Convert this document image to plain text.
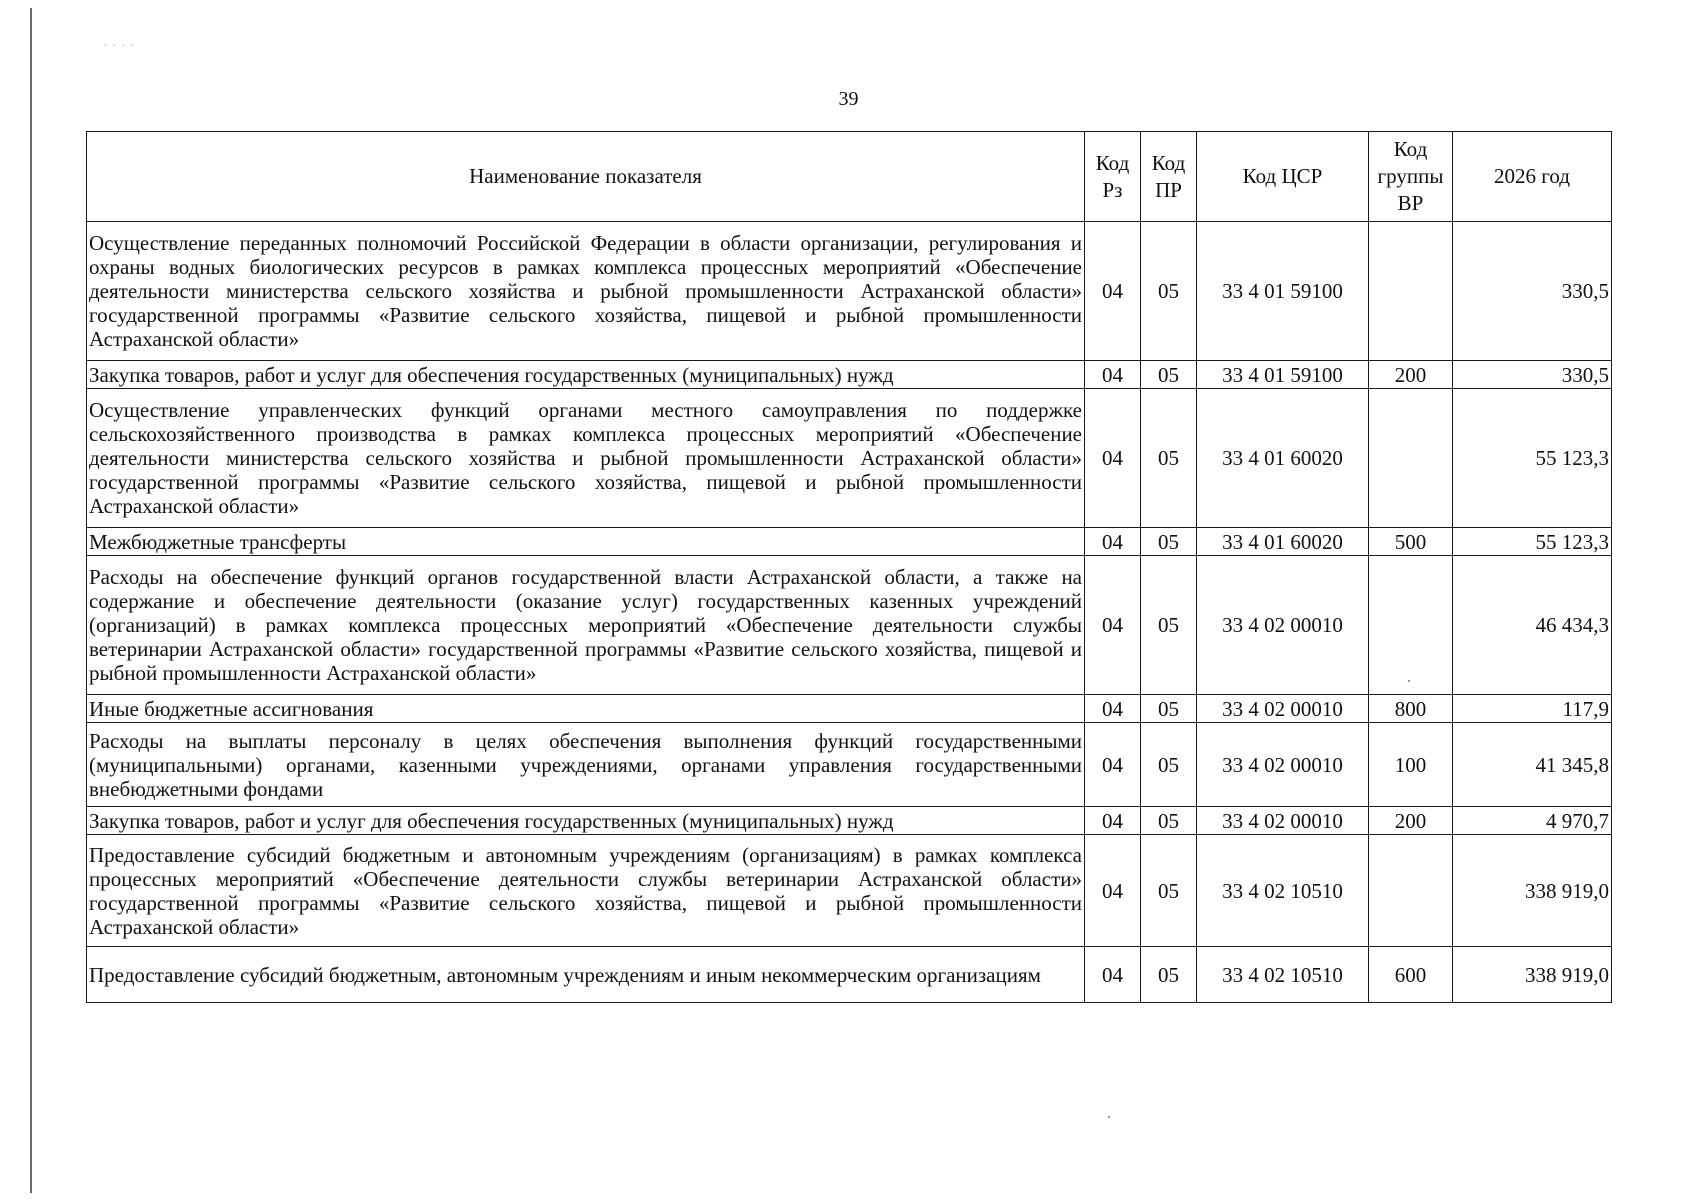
. . . .
39
Наименование показателя	Код Рз	Код ПР	Код ЦСР	Код группы ВР	2026 год
Осуществление переданных полномочий Российской Федерации в области организации, регулирования и охраны водных биологических ресурсов в рамках комплекса процессных мероприятий «Обеспечение деятельности министерства сельского хозяйства и рыбной промышленности Астраханской области» государственной программы «Развитие сельского хозяйства, пищевой и рыбной промышленности Астраханской области»	04	05	33 4 01 59100		330,5
Закупка товаров, работ и услуг для обеспечения государственных (муниципальных) нужд	04	05	33 4 01 59100	200	330,5
Осуществление управленческих функций органами местного самоуправления по поддержке сельскохозяйственного производства в рамках комплекса процессных мероприятий «Обеспечение деятельности министерства сельского хозяйства и рыбной промышленности Астраханской области» государственной программы «Развитие сельского хозяйства, пищевой и рыбной промышленности Астраханской области»	04	05	33 4 01 60020		55 123,3
Межбюджетные трансферты	04	05	33 4 01 60020	500	55 123,3
Расходы на обеспечение функций органов государственной власти Астраханской области, а также на содержание и обеспечение деятельности (оказание услуг) государственных казенных учреждений (организаций) в рамках комплекса процессных мероприятий «Обеспечение деятельности службы ветеринарии Астраханской области» государственной программы «Развитие сельского хозяйства, пищевой и рыбной промышленности Астраханской области»	04	05	33 4 02 00010		46 434,3
Иные бюджетные ассигнования	04	05	33 4 02 00010	800	117,9
Расходы на выплаты персоналу в целях обеспечения выполнения функций государственными (муниципальными) органами, казенными учреждениями, органами управления государственными внебюджетными фондами	04	05	33 4 02 00010	100	41 345,8
Закупка товаров, работ и услуг для обеспечения государственных (муниципальных) нужд	04	05	33 4 02 00010	200	4 970,7
Предоставление субсидий бюджетным и автономным учреждениям (организациям) в рамках комплекса процессных мероприятий «Обеспечение деятельности службы ветеринарии Астраханской области» государственной программы «Развитие сельского хозяйства, пищевой и рыбной промышленности Астраханской области»	04	05	33 4 02 10510		338 919,0
Предоставление субсидий бюджетным, автономным учреждениям и иным некоммерческим организациям	04	05	33 4 02 10510	600	338 919,0
